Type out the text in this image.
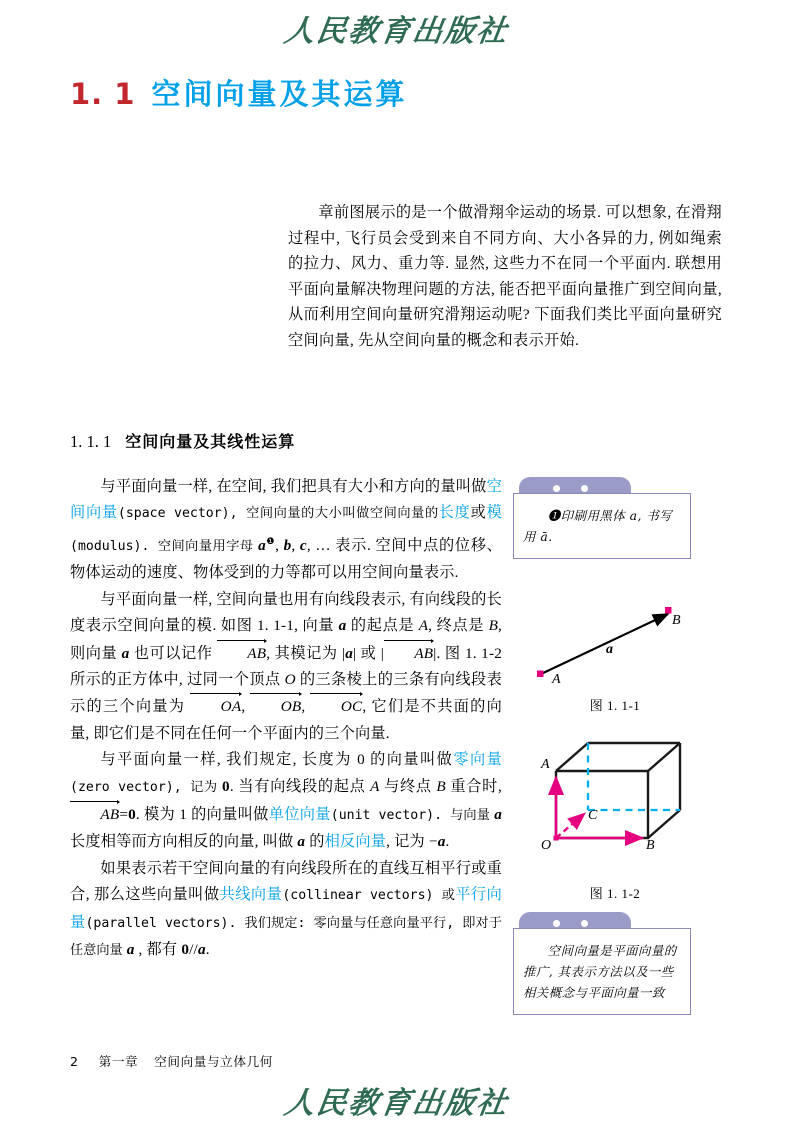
人民教育出版社
1. 1 空间向量及其运算
章前图展示的是一个做滑翔伞运动的场景. 可以想象, 在滑翔过程中, 飞行员会受到来自不同方向、大小各异的力, 例如绳索的拉力、风力、重力等. 显然, 这些力不在同一个平面内. 联想用平面向量解决物理问题的方法, 能否把平面向量推广到空间向量, 从而利用空间向量研究滑翔运动呢? 下面我们类比平面向量研究空间向量, 先从空间向量的概念和表示开始.
1. 1. 1 空间向量及其线性运算

与平面向量一样, 在空间, 我们把具有大小和方向的量叫做空间向量(space vector), 空间向量的大小叫做空间向量的长度或模(modulus). 空间向量用字母 $a^❶$, b, c, … 表示. 空间中点的位移、物体运动的速度、物体受到的力等都可以用空间向量表示.

与平面向量一样, 空间向量也用有向线段表示, 有向线段的长度表示空间向量的模. 如图 1. 1-1, 向量 a 的起点是 A, 终点是 B, 则向量 a 也可以记作 AB, 其模记为 |a| 或 | AB|. 图 1. 1-2 所示的正方体中, 过同一个顶点 O 的三条棱上的三条有向线段表示的三个向量为 OA, OB, OC, 它们是不共面的向量, 即它们是不同在任何一个平面内的三个向量.

与平面向量一样, 我们规定, 长度为 0 的向量叫做零向量(zero vector), 记为 0. 当有向线段的起点 A 与终点 B 重合时, AB=0. 模为 1 的向量叫做单位向量(unit vector). 与向量 a 长度相等而方向相反的向量, 叫做 a 的相反向量, 记为 −a.

如果表示若干空间向量的有向线段所在的直线互相平行或重合, 那么这些向量叫做共线向量(collinear vectors) 或平行向量(parallel vectors). 我们规定: 零向量与任意向量平行, 即对于任意向量 a , 都有 0//a.

❶印刷用黑体 a, 书写用 ā.
A
B
a
图 1. 1-1
A
B
C
O
图 1. 1-2
空间向量是平面向量的推广, 其表示方法以及一些相关概念与平面向量一致
2 第一章 空间向量与立体几何
人民教育出版社
